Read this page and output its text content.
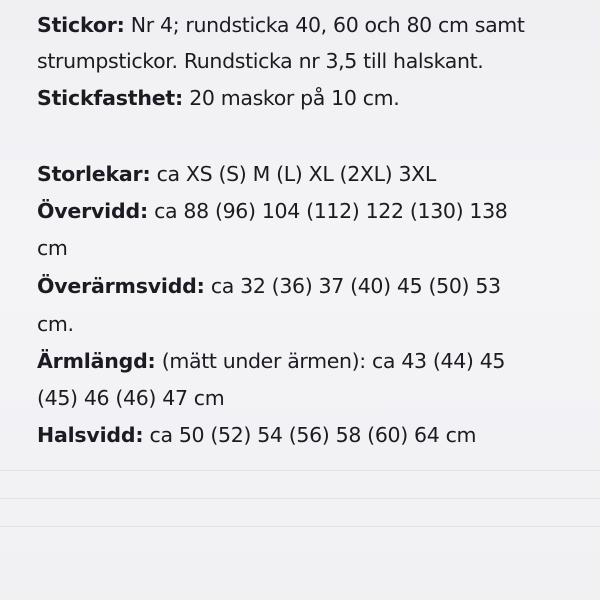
Stickor: Nr 4; rundsticka 40, 60 och 80 cm samt
strumpstickor. Rundsticka nr 3,5 till halskant.
Stickfasthet: 20 maskor på 10 cm.
Storlekar: ca XS (S) M (L) XL (2XL) 3XL
Övervidd: ca 88 (96) 104 (112) 122 (130) 138
cm
Överärmsvidd: ca 32 (36) 37 (40) 45 (50) 53
cm.
Ärmlängd: (mätt under ärmen): ca 43 (44) 45
(45) 46 (46) 47 cm
Halsvidd: ca 50 (52) 54 (56) 58 (60) 64 cm
